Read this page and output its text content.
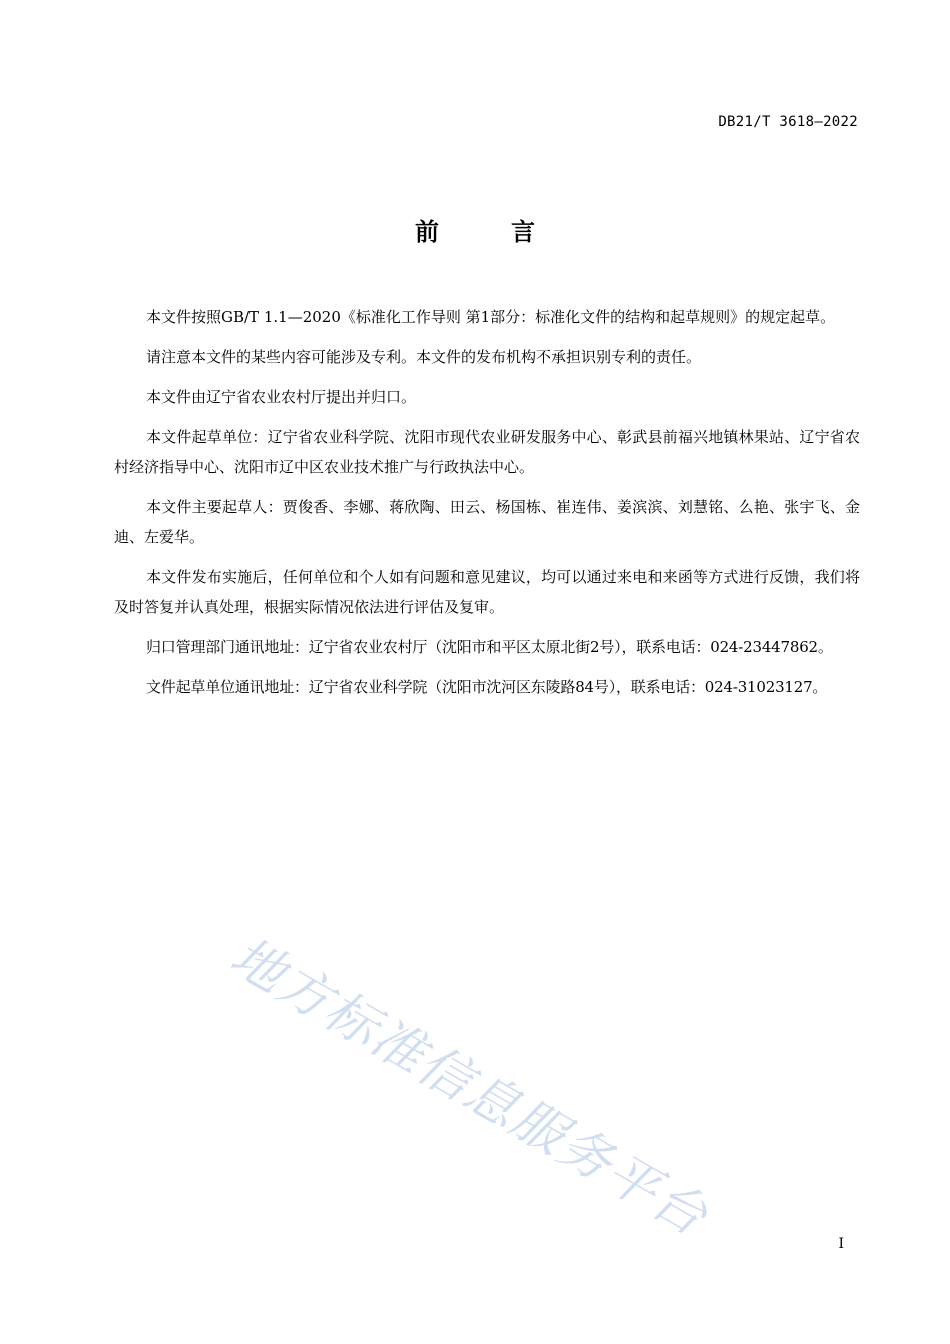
DB21/T 3618—2022
前　言

本文件按照GB/T 1.1—2020《标准化工作导则 第1部分：标准化文件的结构和起草规则》的规定起草。

请注意本文件的某些内容可能涉及专利。本文件的发布机构不承担识别专利的责任。

本文件由辽宁省农业农村厅提出并归口。

本文件起草单位：辽宁省农业科学院、沈阳市现代农业研发服务中心、彰武县前福兴地镇林果站、辽宁省农村经济指导中心、沈阳市辽中区农业技术推广与行政执法中心。

本文件主要起草人：贾俊香、李娜、蒋欣陶、田云、杨国栋、崔连伟、姜滨滨、刘慧铭、么艳、张宇飞、金迪、左爱华。

本文件发布实施后，任何单位和个人如有问题和意见建议，均可以通过来电和来函等方式进行反馈，我们将及时答复并认真处理，根据实际情况依法进行评估及复审。

归口管理部门通讯地址：辽宁省农业农村厅（沈阳市和平区太原北街2号），联系电话：024-23447862。

文件起草单位通讯地址：辽宁省农业科学院（沈阳市沈河区东陵路84号），联系电话：024-31023127。

地方标准信息服务平台	I
